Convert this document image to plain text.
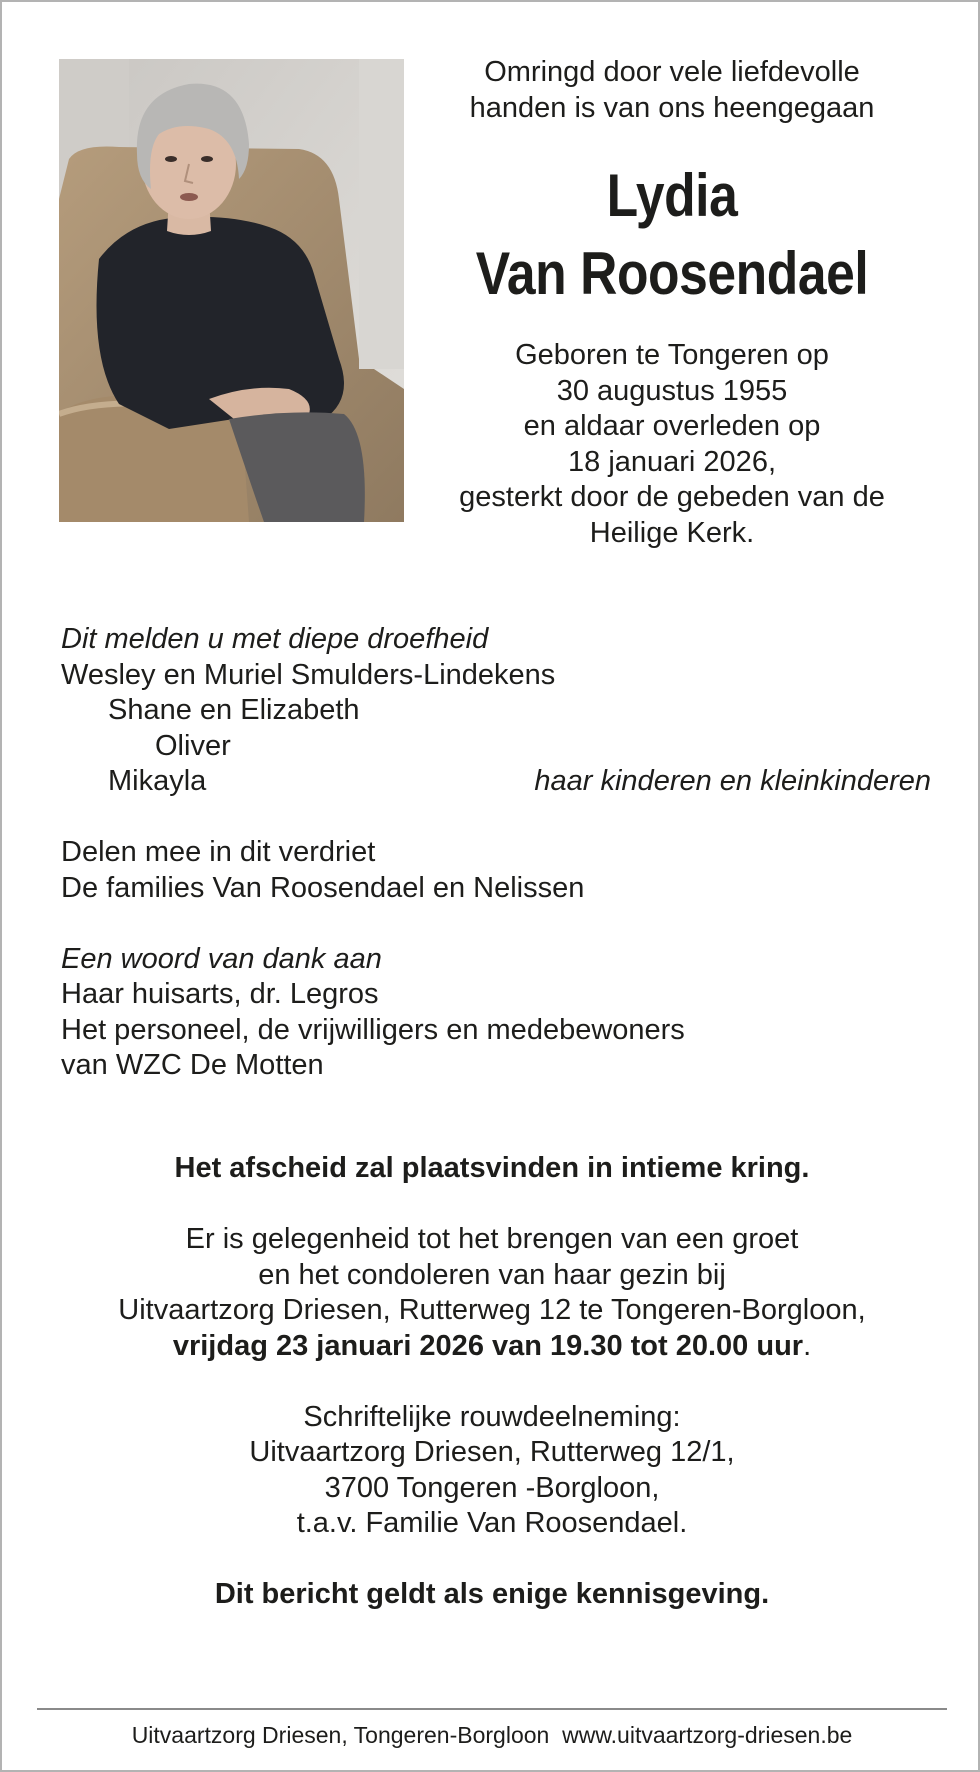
Omringd door vele liefdevolle
handen is van ons heengegaan
Lydia
Van Roosendael
Geboren te Tongeren op
30 augustus 1955
en aldaar overleden op
18 januari 2026,
gesterkt door de gebeden van de
Heilige Kerk.
Dit melden u met diepe droefheid
Wesley en Muriel Smulders-Lindekens
Shane en Elizabeth
Oliver
Mikayla	haar kinderen en kleinkinderen
Delen mee in dit verdriet
De families Van Roosendael en Nelissen
Een woord van dank aan
Haar huisarts, dr. Legros
Het personeel, de vrijwilligers en medebewoners
van WZC De Motten
Het afscheid zal plaatsvinden in intieme kring.
Er is gelegenheid tot het brengen van een groet
en het condoleren van haar gezin bij
Uitvaartzorg Driesen, Rutterweg 12 te Tongeren-Borgloon,
vrijdag 23 januari 2026 van 19.30 tot 20.00 uur.
Schriftelijke rouwdeelneming:
Uitvaartzorg Driesen, Rutterweg 12/1,
3700 Tongeren -Borgloon,
t.a.v. Familie Van Roosendael.
Dit bericht geldt als enige kennisgeving.
Uitvaartzorg Driesen, Tongeren-Borgloon www.uitvaartzorg-driesen.be
